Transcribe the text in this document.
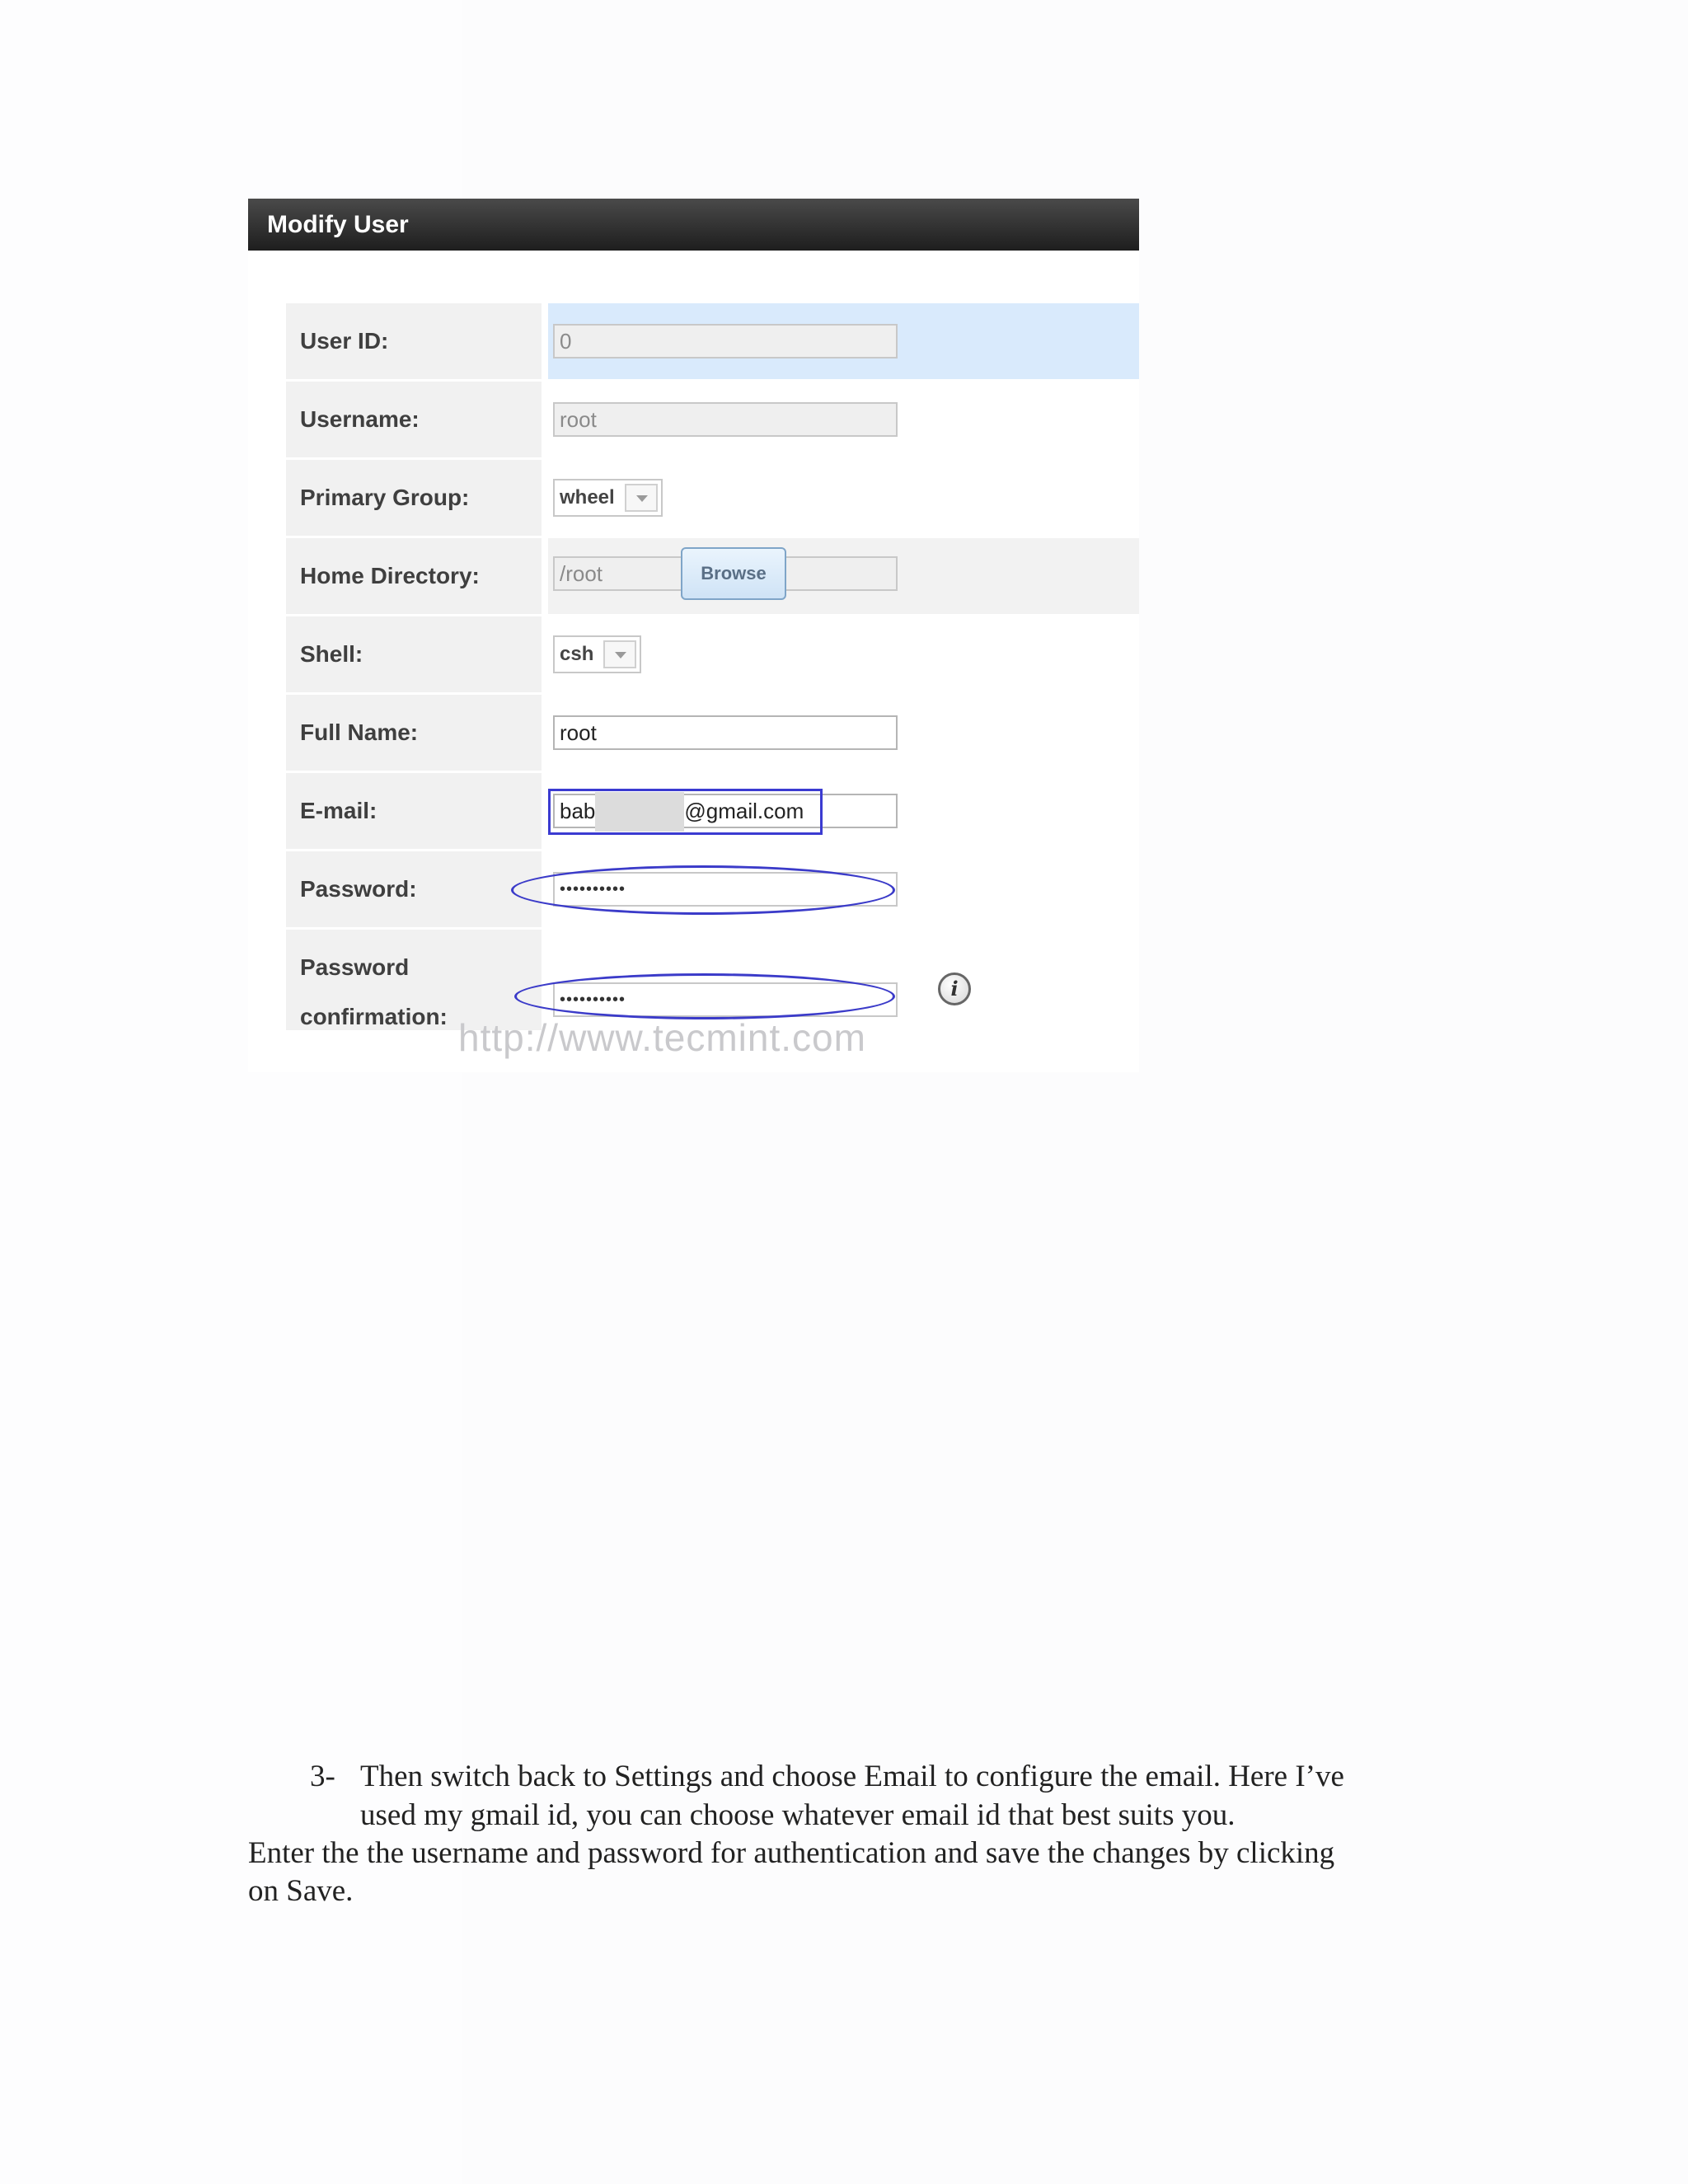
Modify User
User ID:	0
Username:	root
Primary Group:	wheel
Home Directory:	/root
Shell:	csh
Full Name:	root
E-mail:	bab	@gmail.com
Password:	••••••••••
Password
confirmation:
••••••••••
Browse
i
http://www.tecmint.com
3- Then switch back to Settings and choose Email to configure the email. Here I’ve
used my gmail id, you can choose whatever email id that best suits you.
Enter the the username and password for authentication and save the changes by clicking
on Save.
